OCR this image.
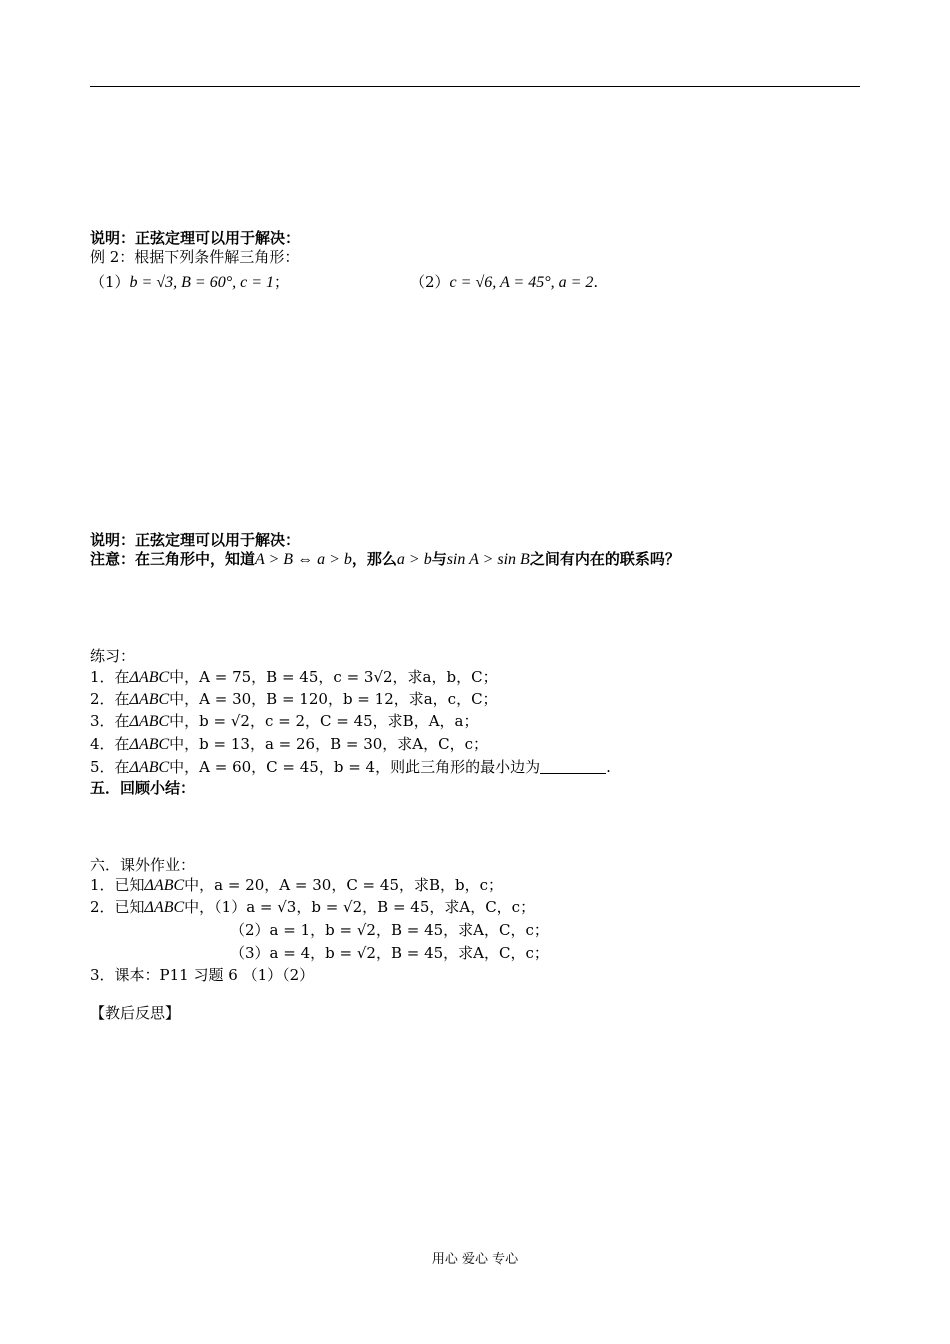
说明：正弦定理可以用于解决：
例 2：根据下列条件解三角形：
（1）b = √3, B = 60°, c = 1；	（2）c = √6, A = 45°, a = 2.
说明：正弦定理可以用于解决：
注意：在三角形中，知道A > B ⇔ a > b，那么a > b与sin A > sin B之间有内在的联系吗？
练习：
1．在ΔABC中，A = 75，B = 45，c = 3√2，求a，b，C；
2．在ΔABC中，A = 30，B = 120，b = 12，求a，c，C；
3．在ΔABC中，b = √2，c = 2，C = 45，求B，A，a；
4．在ΔABC中，b = 13，a = 26，B = 30，求A，C，c；
5．在ΔABC中，A = 60，C = 45，b = 4，则此三角形的最小边为	.
五．回顾小结：
六．课外作业：
1．已知ΔABC中，a = 20，A = 30，C = 45，求B，b，c；
2．已知ΔABC中，（1）a = √3，b = √2，B = 45，求A，C，c；
（2）a = 1，b = √2，B = 45，求A，C，c；
（3）a = 4，b = √2，B = 45，求A，C，c；
3．课本：P11 习题 6 （1）（2）
【教后反思】
用心 爱心 专心
